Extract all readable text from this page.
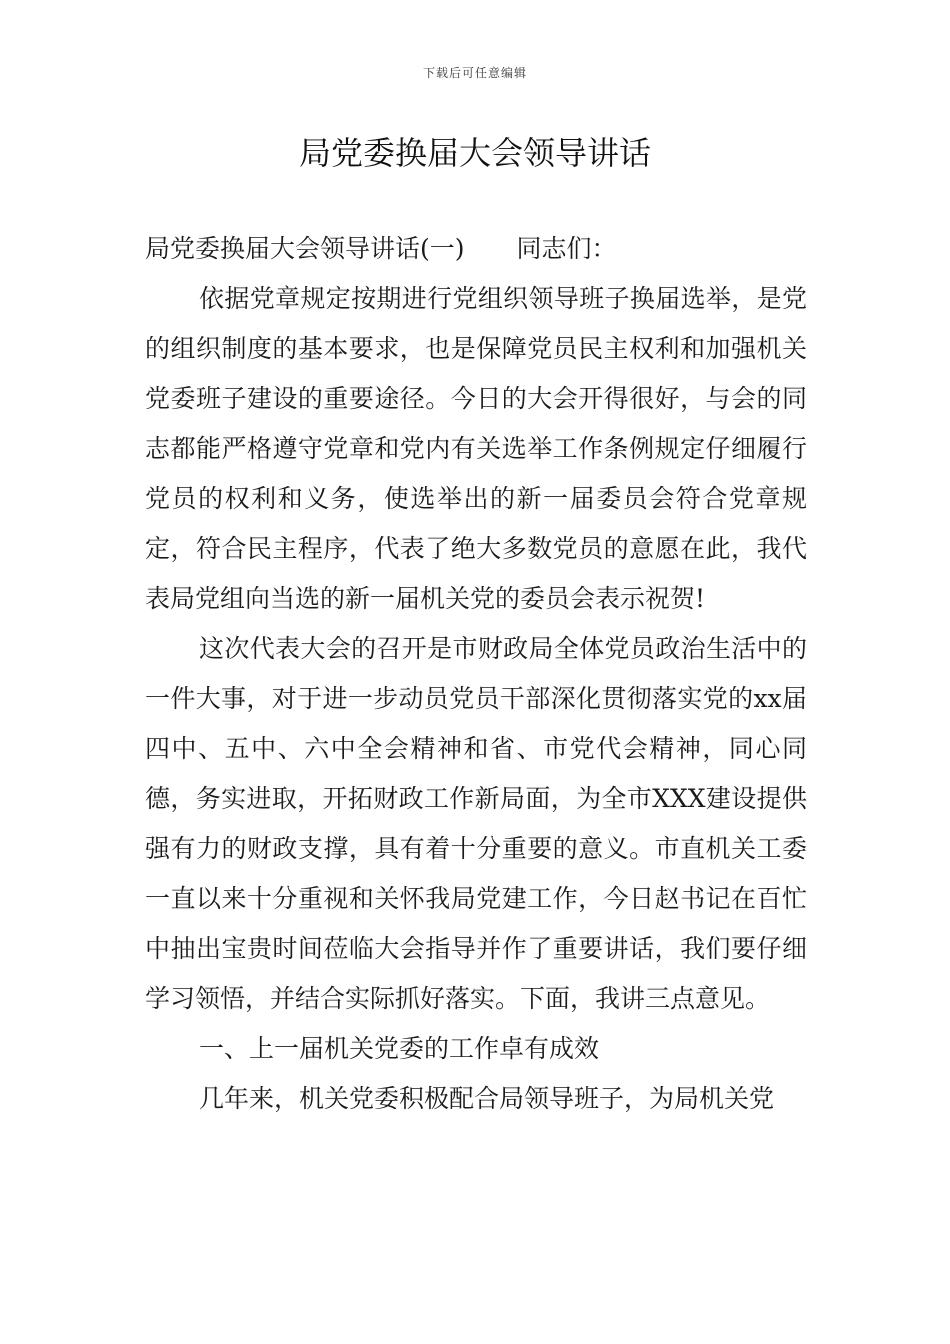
下载后可任意编辑
局党委换届大会领导讲话

局党委换届大会领导讲话(一) 同志们：

依据党章规定按期进行党组织领导班子换届选举，是党的组织制度的基本要求，也是保障党员民主权利和加强机关党委班子建设的重要途径。今日的大会开得很好，与会的同志都能严格遵守党章和党内有关选举工作条例规定仔细履行党员的权利和义务，使选举出的新一届委员会符合党章规定，符合民主程序，代表了绝大多数党员的意愿在此，我代表局党组向当选的新一届机关党的委员会表示祝贺!

这次代表大会的召开是市财政局全体党员政治生活中的一件大事，对于进一步动员党员干部深化贯彻落实党的xx届四中、五中、六中全会精神和省、市党代会精神，同心同德，务实进取，开拓财政工作新局面，为全市XXX建设提供强有力的财政支撑，具有着十分重要的意义。市直机关工委一直以来十分重视和关怀我局党建工作，今日赵书记在百忙中抽出宝贵时间莅临大会指导并作了重要讲话，我们要仔细学习领悟，并结合实际抓好落实。下面，我讲三点意见。

一、上一届机关党委的工作卓有成效

几年来，机关党委积极配合局领导班子，为局机关党
